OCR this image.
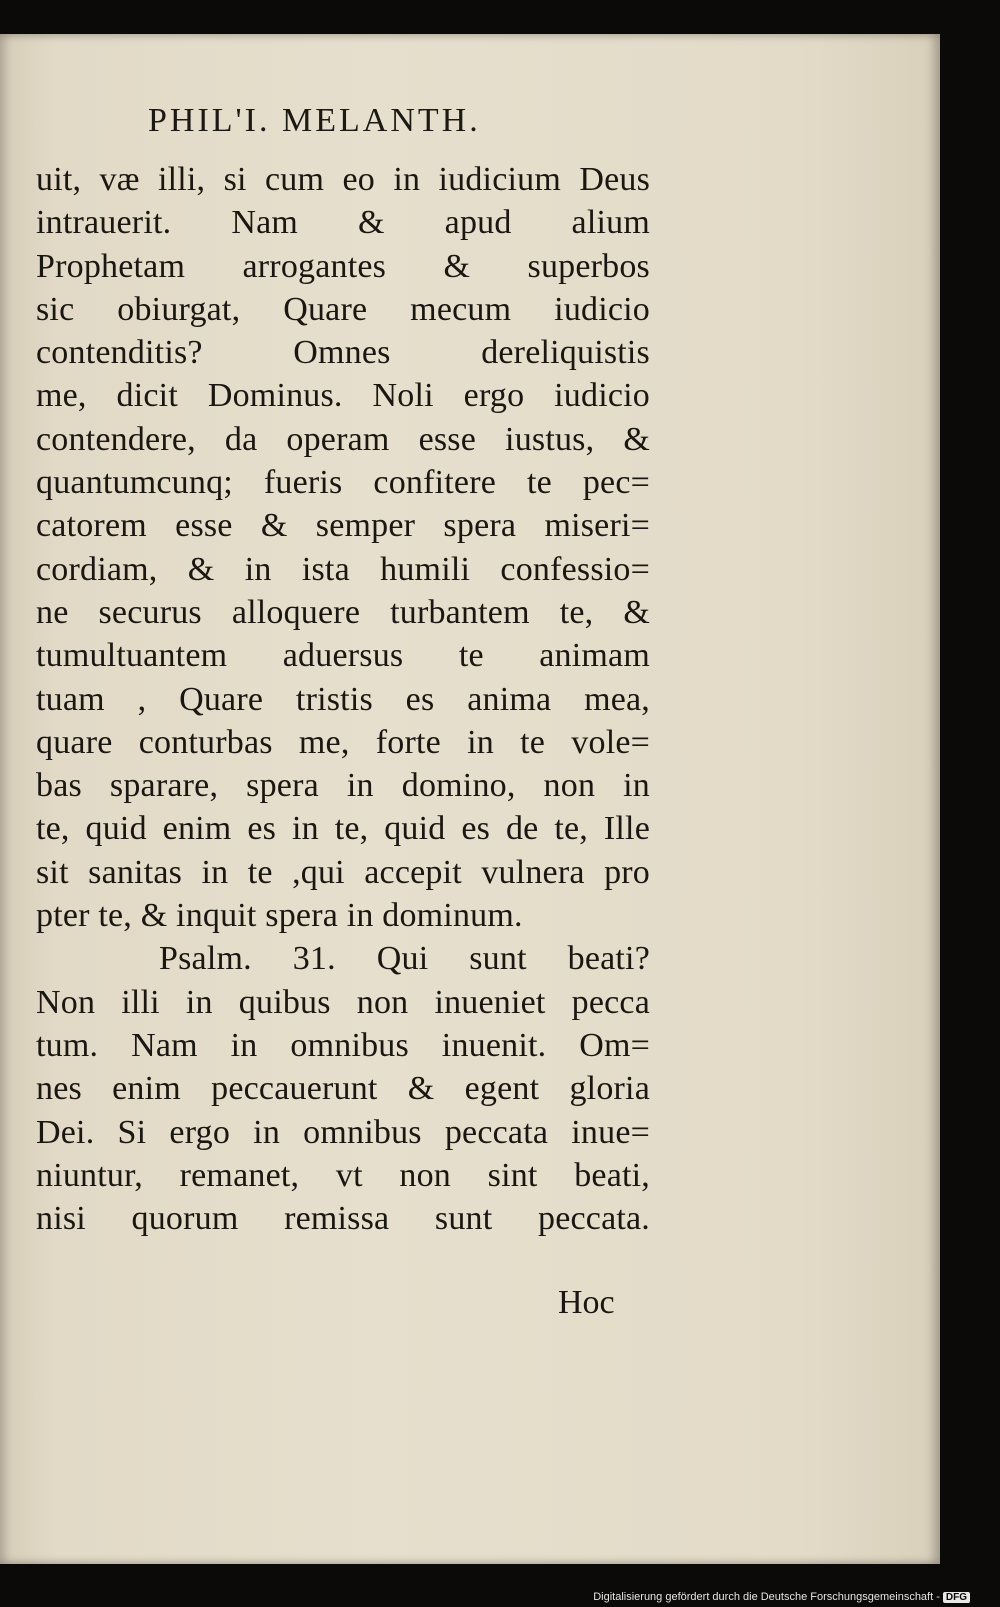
PHIL'I. MELANTH.
uit, væ illi, si cum eo in iudicium Deus
intrauerit. Nam & apud alium
Prophetam arrogantes & superbos
sic obiurgat, Quare mecum iudicio
contenditis? Omnes dereliquistis
me, dicit Dominus. Noli ergo iudicio
contendere, da operam esse iustus, &
quantumcunq; fueris confitere te pec=
catorem esse & semper spera miseri=
cordiam, & in ista humili confessio=
ne securus alloquere turbantem te, &
tumultuantem aduersus te animam
tuam , Quare tristis es anima mea,
quare conturbas me, forte in te vole=
bas sparare, spera in domino, non in
te, quid enim es in te, quid es de te, Ille
sit sanitas in te ,qui accepit vulnera pro
pter te, & inquit spera in dominum.
Psalm. 31. Qui sunt beati?
Non illi in quibus non inueniet pecca
tum. Nam in omnibus inuenit. Om=
nes enim peccauerunt & egent gloria
Dei. Si ergo in omnibus peccata inue=
niuntur, remanet, vt non sint beati,
nisi quorum remissa sunt peccata.
Hoc
Digitalisierung gefördert durch die Deutsche Forschungsgemeinschaft - DFG
